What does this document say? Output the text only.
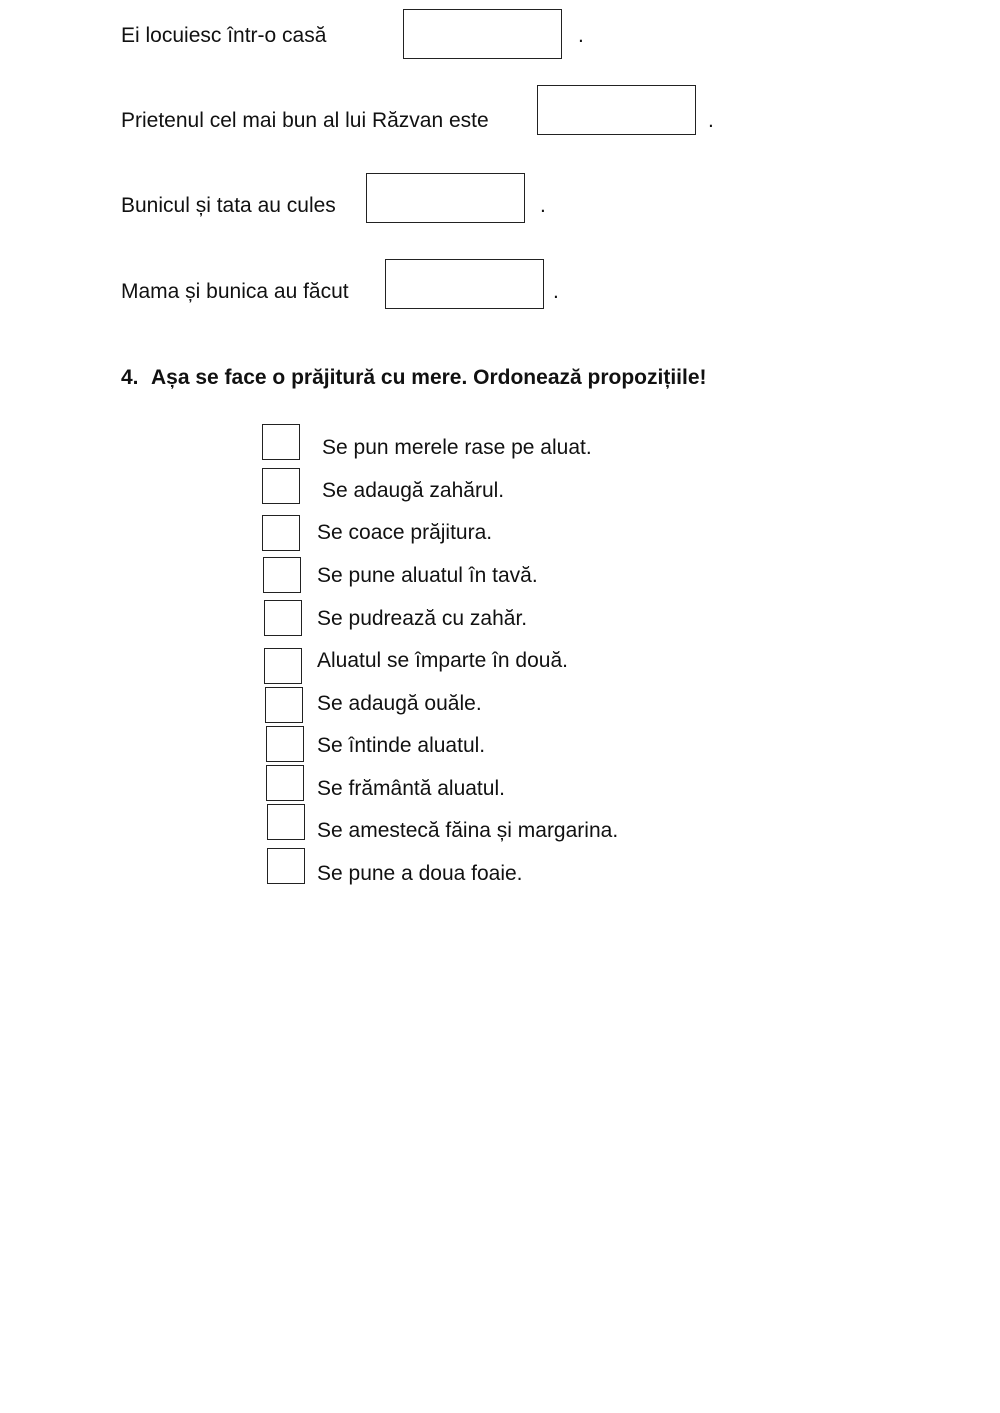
Ei locuiesc într-o casă	.
Prietenul cel mai bun al lui Răzvan este	.
Bunicul și tata au cules	.
Mama și bunica au făcut	.
4. Așa se face o prăjitură cu mere. Ordonează propozițiile!
Se pun merele rase pe aluat.
Se adaugă zahărul.
Se coace prăjitura.
Se pune aluatul în tavă.
Se pudrează cu zahăr.
Aluatul se împarte în două.
Se adaugă ouăle.
Se întinde aluatul.
Se frământă aluatul.
Se amestecă făina și margarina.
Se pune a doua foaie.
